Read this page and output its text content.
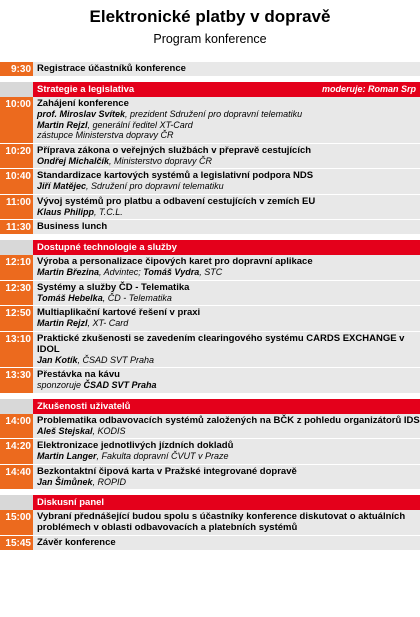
Elektronické platby v dopravě
Program konference
9:30 Registrace účastníků konference
Strategie a legislativa	moderuje: Roman Srp
10:00 Zahájení konference
prof. Miroslav Svítek, prezident Sdružení pro dopravní telematiku
Martin Rejzl, generální ředitel XT-Card
zástupce Ministerstva dopravy ČR
10:20 Příprava zákona o veřejných službách v přepravě cestujících
Ondřej Michalčík, Ministerstvo dopravy ČR
10:40 Standardizace kartových systémů a legislativní podpora NDS
Jiří Matějec, Sdružení pro dopravní telematiku
11:00 Vývoj systémů pro platbu a odbavení cestujících v zemích EU
Klaus Philipp, T.C.L.
11:30 Business lunch
Dostupné technologie a služby
12:10 Výroba a personalizace čipových karet pro dopravní aplikace
Martin Březina, Advintec; Tomáš Vydra, STC
12:30 Systémy a služby ČD - Telematika
Tomáš Hebelka, ČD - Telematika
12:50 Multiaplikační kartové řešení v praxi
Martin Rejzl, XT- Card
13:10 Praktické zkušenosti se zavedením clearingového systému CARDS EXCHANGE v IDOL
Jan Kotík, ČSAD SVT Praha
13:30 Přestávka na kávu
sponzoruje ČSAD SVT Praha
Zkušenosti uživatelů
14:00 Problematika odbavovacích systémů založených na BČK z pohledu organizátorů IDS
Aleš Stejskal, KODIS
14:20 Elektronizace jednotlivých jízdních dokladů
Martin Langer, Fakulta dopravní ČVUT v Praze
14:40 Bezkontaktní čipová karta v Pražské integrované dopravě
Jan Šimůnek, ROPID
Diskusní panel
15:00 Vybraní přednášející budou spolu s účastníky konference diskutovat o aktuálních problémech v oblasti odbavovacích a platebních systémů
15:45 Závěr konference
